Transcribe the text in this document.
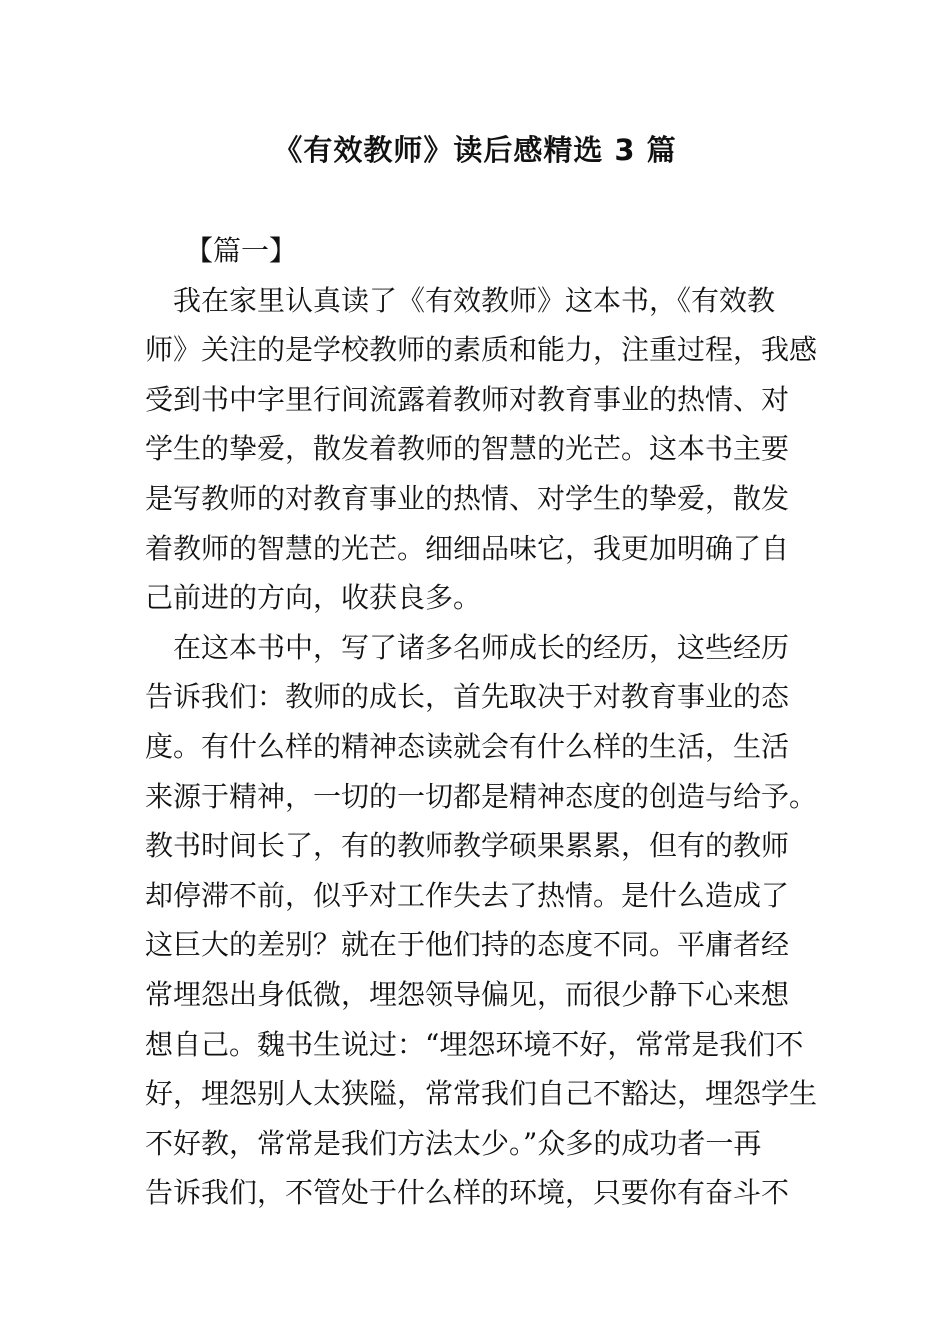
《有效教师》读后感精选 3 篇
【篇一】
　我在家里认真读了《有效教师》这本书，《有效教
师》关注的是学校教师的素质和能力，注重过程，我感
受到书中字里行间流露着教师对教育事业的热情、对
学生的挚爱，散发着教师的智慧的光芒。这本书主要
是写教师的对教育事业的热情、对学生的挚爱，散发
着教师的智慧的光芒。细细品味它，我更加明确了自
己前进的方向，收获良多。
　在这本书中，写了诸多名师成长的经历，这些经历
告诉我们：教师的成长，首先取决于对教育事业的态
度。有什么样的精神态读就会有什么样的生活，生活
来源于精神，一切的一切都是精神态度的创造与给予。
教书时间长了，有的教师教学硕果累累，但有的教师
却停滞不前，似乎对工作失去了热情。是什么造成了
这巨大的差别？就在于他们持的态度不同。平庸者经
常埋怨出身低微，埋怨领导偏见，而很少静下心来想
想自己。魏书生说过：“埋怨环境不好，常常是我们不
好，埋怨别人太狭隘，常常我们自己不豁达，埋怨学生
不好教，常常是我们方法太少。”众多的成功者一再
告诉我们，不管处于什么样的环境，只要你有奋斗不
